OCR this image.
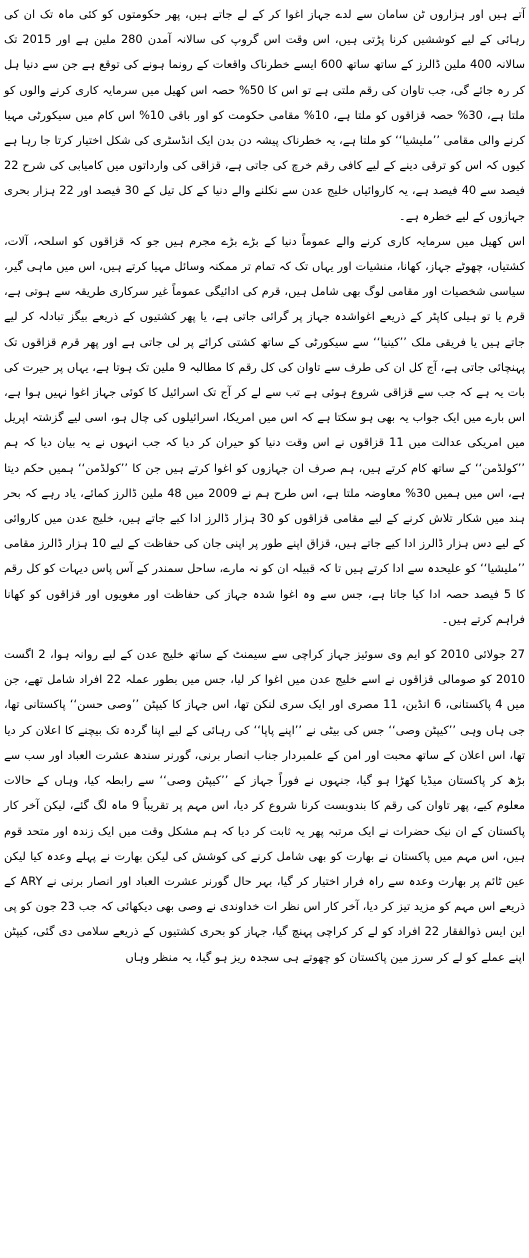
آتے ہیں اور ہزاروں ٹن سامان سے لدے جہاز اغوا کر کے لے جاتے ہیں، پھر حکومتوں کو کئی ماہ تک ان کی رہائی کے لیے کوششیں کرنا پڑتی ہیں، اس وقت اس گروپ کی سالانہ آمدن 280 ملین ہے اور 2015 تک سالانہ 400 ملین ڈالرز کے ساتھ ساتھ 600 ایسے خطرناک واقعات کے رونما ہونے کی توقع ہے جن سے دنیا ہل کر رہ جائے گی، جب تاوان کی رقم ملتی ہے تو اس کا 50% حصہ اس کھیل میں سرمایہ کاری کرنے والوں کو ملتا ہے، 30% حصہ قزاقوں کو ملتا ہے، 10% مقامی حکومت کو اور باقی 10% اس کام میں سیکورٹی مہیا کرنے والی مقامی ’’ملیشیا‘‘ کو ملتا ہے، یہ خطرناک پیشہ دن بدن ایک انڈسٹری کی شکل اختیار کرتا جا رہا ہے کیوں کہ اس کو ترقی دینے کے لیے کافی رقم خرچ کی جاتی ہے، قزاقی کی وارداتوں میں کامیابی کی شرح 22 فیصد سے 40 فیصد ہے، یہ کاروائیاں خلیج عدن سے نکلنے والے دنیا کے کل تیل کے 30 فیصد اور 22 ہزار بحری جہازوں کے لیے خطرہ ہے۔

اس کھیل میں سرمایہ کاری کرنے والے عموماً دنیا کے بڑے بڑے مجرم ہیں جو کہ قزاقوں کو اسلحہ، آلات، کشتیاں، چھوٹے جہاز، کھانا، منشیات اور یہاں تک کہ تمام تر ممکنہ وسائل مہیا کرتے ہیں، اس میں ماہی گیر، سیاسی شخصیات اور مقامی لوگ بھی شامل ہیں، قرم کی ادائیگی عموماً غیر سرکاری طریقہ سے ہوتی ہے، قرم یا تو ہیلی کاپٹر کے ذریعے اغواشدہ جہاز پر گرائی جاتی ہے، یا پھر کشتیوں کے ذریعے بیگز تبادلہ کر لیے جاتے ہیں یا فریقی ملک ’’کینیا‘‘ سے سیکورٹی کے ساتھ کشتی کرائے پر لی جاتی ہے اور پھر قرم قزاقوں تک پہنچائی جاتی ہے، آج کل ان کی طرف سے تاوان کی کل رقم کا مطالبہ 9 ملین تک ہوتا ہے، یہاں پر حیرت کی بات یہ ہے کہ جب سے قزاقی شروع ہوئی ہے تب سے لے کر آج تک اسرائیل کا کوئی جہاز اغوا نہیں ہوا ہے، اس بارے میں ایک جواب یہ بھی ہو سکتا ہے کہ اس میں امریکا، اسرائیلوں کی چال ہو، اسی لیے گزشتہ اپریل میں امریکی عدالت میں 11 قزاقوں نے اس وقت دنیا کو حیران کر دیا کہ جب انہوں نے یہ بیان دیا کہ ہم ’’کولڈمن‘‘ کے ساتھ کام کرتے ہیں، ہم صرف ان جہازوں کو اغوا کرتے ہیں جن کا ’’کولڈمن‘‘ ہمیں حکم دیتا ہے، اس میں ہمیں 30% معاوضہ ملتا ہے، اس طرح ہم نے 2009 میں 48 ملین ڈالرز کمائے، یاد رہے کہ بحر ہند میں شکار تلاش کرنے کے لیے مقامی قزاقوں کو 30 ہزار ڈالرز ادا کیے جاتے ہیں، خلیج عدن میں کاروائی کے لیے دس ہزار ڈالرز ادا کیے جاتے ہیں، قزاق اپنے طور پر اپنی جان کی حفاظت کے لیے 10 ہزار ڈالرز مقامی ’’ملیشیا‘‘ کو علیحدہ سے ادا کرتے ہیں تا کہ قبیلہ ان کو نہ مارے، ساحل سمندر کے آس پاس دیہات کو کل رقم کا 5 فیصد حصہ ادا کیا جاتا ہے، جس سے وہ اغوا شدہ جہاز کی حفاظت اور مغویوں اور قزاقوں کو کھانا فراہم کرتے ہیں۔

27 جولائی 2010 کو ایم وی سوئیز جہاز کراچی سے سیمنٹ کے ساتھ خلیج عدن کے لیے روانہ ہوا، 2 اگست 2010 کو صومالی قزاقوں نے اسے خلیج عدن میں اغوا کر لیا، جس میں بطور عملہ 22 افراد شامل تھے، جن میں 4 پاکستانی، 6 انڈین، 11 مصری اور ایک سری لنکن تھا، اس جہاز کا کیپٹن ’’وصی حسن‘‘ پاکستانی تھا، جی ہاں وہی ’’کیپٹن وصی‘‘ جس کی بیٹی نے ’’اپنے پاپا‘‘ کی رہائی کے لیے اپنا گردہ تک بیچنے کا اعلان کر دیا تھا، اس اعلان کے ساتھ محبت اور امن کے علمبردار جناب انصار برنی، گورنر سندھ عشرت العباد اور سب سے بڑھ کر پاکستان میڈیا کھڑا ہو گیا، جنہوں نے فوراً جہاز کے ’’کیپٹن وصی‘‘ سے رابطہ کیا، وہاں کے حالات معلوم کیے، پھر تاوان کی رقم کا بندوبست کرنا شروع کر دیا، اس مہم پر تقریباً 9 ماہ لگ گئے، لیکن آخر کار پاکستان کے ان نیک حضرات نے ایک مرتبہ پھر یہ ثابت کر دیا کہ ہم مشکل وقت میں ایک زندہ اور متحد قوم ہیں، اس مہم میں پاکستان نے بھارت کو بھی شامل کرنے کی کوشش کی لیکن بھارت نے پہلے وعدہ کیا لیکن عین ٹائم پر بھارت وعدہ سے راہ فرار اختیار کر گیا، بہر حال گورنر عشرت العباد اور انصار برنی نے ARY کے ذریعے اس مہم کو مزید تیز کر دیا، آخر کار اس نظر ات خداوندی نے وصی بھی دیکھائی کہ جب 23 جون کو پی این ایس ذوالفقار 22 افراد کو لے کر کراچی پہنچ گیا، جہاز کو بحری کشتیوں کے ذریعے سلامی دی گئی، کیپٹن اپنے عملے کو لے کر سرز مین پاکستان کو چھوتے ہی سجدہ ریز ہو گیا، یہ منظر وہاں
